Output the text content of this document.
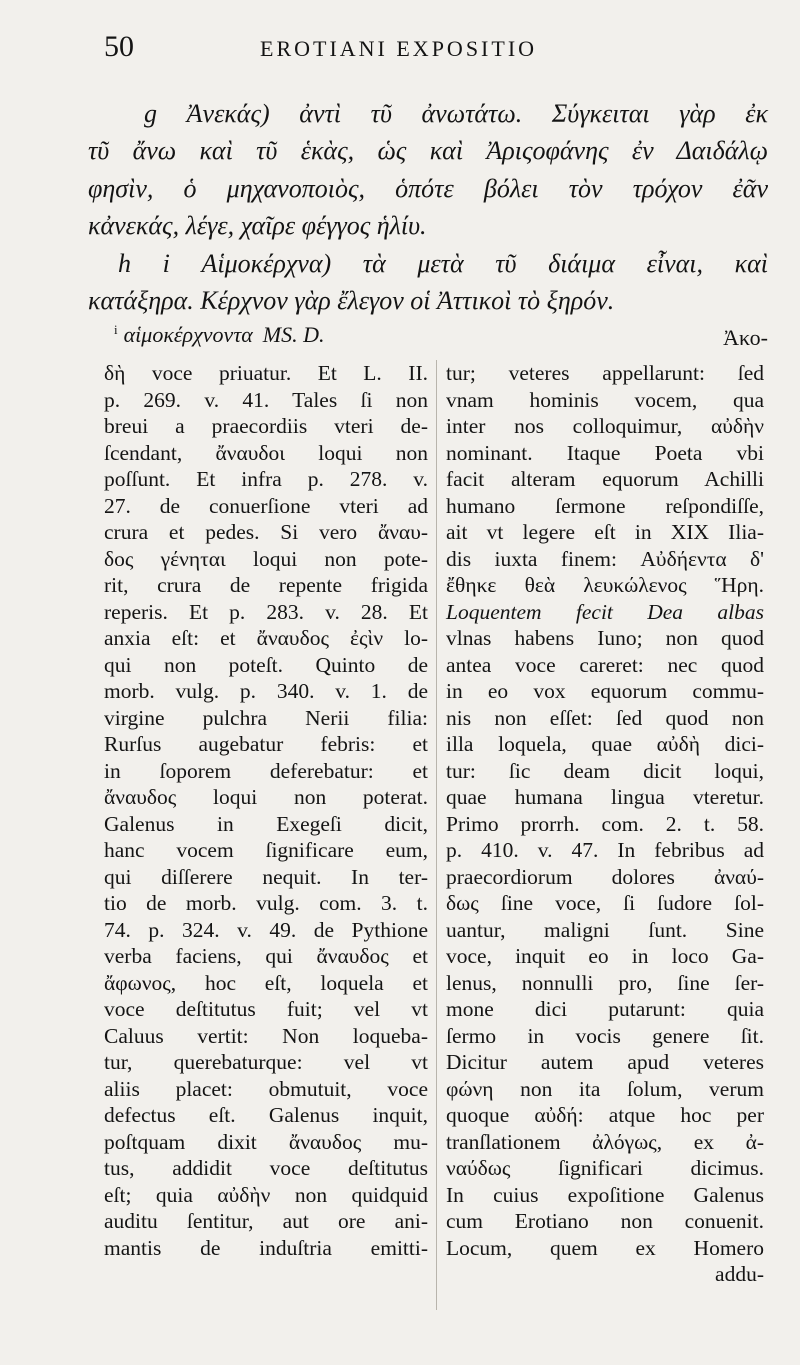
50	EROTIANI EXPOSITIO
g Ἀνεκάς) ἀντὶ τῦ ἀνωτάτω. Σύγκειται γὰρ ἐκ
τῦ ἄνω καὶ τῦ ἑκὰς, ὡς καὶ Ἀριςοφάνης ἐν Δαιδάλῳ
φησὶν, ὁ μηχανοποιὸς, ὁπότε βόλει τὸν τρόχον ἐᾶν
κἀνεκάς, λέγε, χαῖρε φέγγος ἡλίυ.
h i Αἱμοκέρχνα) τὰ μετὰ τῦ διάιμα εἶναι, καὶ
κατάξηρα. Κέρχνον γὰρ ἔλεγον οἱ Ἀττικοὶ τὸ ξηρόν.
Ἀκο-
$^i$ αἱμοκέρχνοντα MS. D.
δὴ voce priuatur. Et L. II.
p. 269. v. 41. Tales ſi non
breui a praecordiis vteri de-
ſcendant, ἄναυδοι loqui non
poſſunt. Et infra p. 278. v.
27. de conuerſione vteri ad
crura et pedes. Si vero ἄναυ-
δος γένηται loqui non pote-
rit, crura de repente frigida
reperis. Et p. 283. v. 28. Et
anxia eſt: et ἄναυδος ἐςὶν lo-
qui non poteſt. Quinto de
morb. vulg. p. 340. v. 1. de
virgine pulchra Nerii filia:
Rurſus augebatur febris: et
in ſoporem deferebatur: et
ἄναυδος loqui non poterat.
Galenus in Exegeſi dicit,
hanc vocem ſignificare eum,
qui diſſerere nequit. In ter-
tio de morb. vulg. com. 3. t.
74. p. 324. v. 49. de Pythione
verba faciens, qui ἄναυδος et
ἄφωνος, hoc eſt, loquela et
voce deſtitutus fuit; vel vt
Caluus vertit: Non loqueba-
tur, querebaturque: vel vt
aliis placet: obmutuit, voce
defectus eſt. Galenus inquit,
poſtquam dixit ἄναυδος mu-
tus, addidit voce deſtitutus
eſt; quia αὐδὴν non quidquid
auditu ſentitur, aut ore ani-
mantis de induſtria emitti-
tur; veteres appellarunt: ſed
vnam hominis vocem, qua
inter nos colloquimur, αὐδὴν
nominant. Itaque Poeta vbi
facit alteram equorum Achilli
humano ſermone reſpondiſſe,
ait vt legere eſt in XIX Ilia-
dis iuxta finem: Αὐδήεντα δ'
ἔθηκε θεὰ λευκώλενος Ἥρη.
Loquentem fecit Dea albas
vlnas habens Iuno; non quod
antea voce careret: nec quod
in eo vox equorum commu-
nis non eſſet: ſed quod non
illa loquela, quae αὐδὴ dici-
tur: ſic deam dicit loqui,
quae humana lingua vteretur.
Primo prorrh. com. 2. t. 58.
p. 410. v. 47. In febribus ad
praecordiorum dolores ἀναύ-
δως ſine voce, ſi ſudore ſol-
uantur, maligni ſunt. Sine
voce, inquit eo in loco Ga-
lenus, nonnulli pro, ſine ſer-
mone dici putarunt: quia
ſermo in vocis genere ſit.
Dicitur autem apud veteres
φώνη non ita ſolum, verum
quoque αὐδή: atque hoc per
tranſlationem ἀλόγως, ex ἀ-
ναύδως ſignificari dicimus.
In cuius expoſitione Galenus
cum Erotiano non conuenit.
Locum, quem ex Homero
addu-
